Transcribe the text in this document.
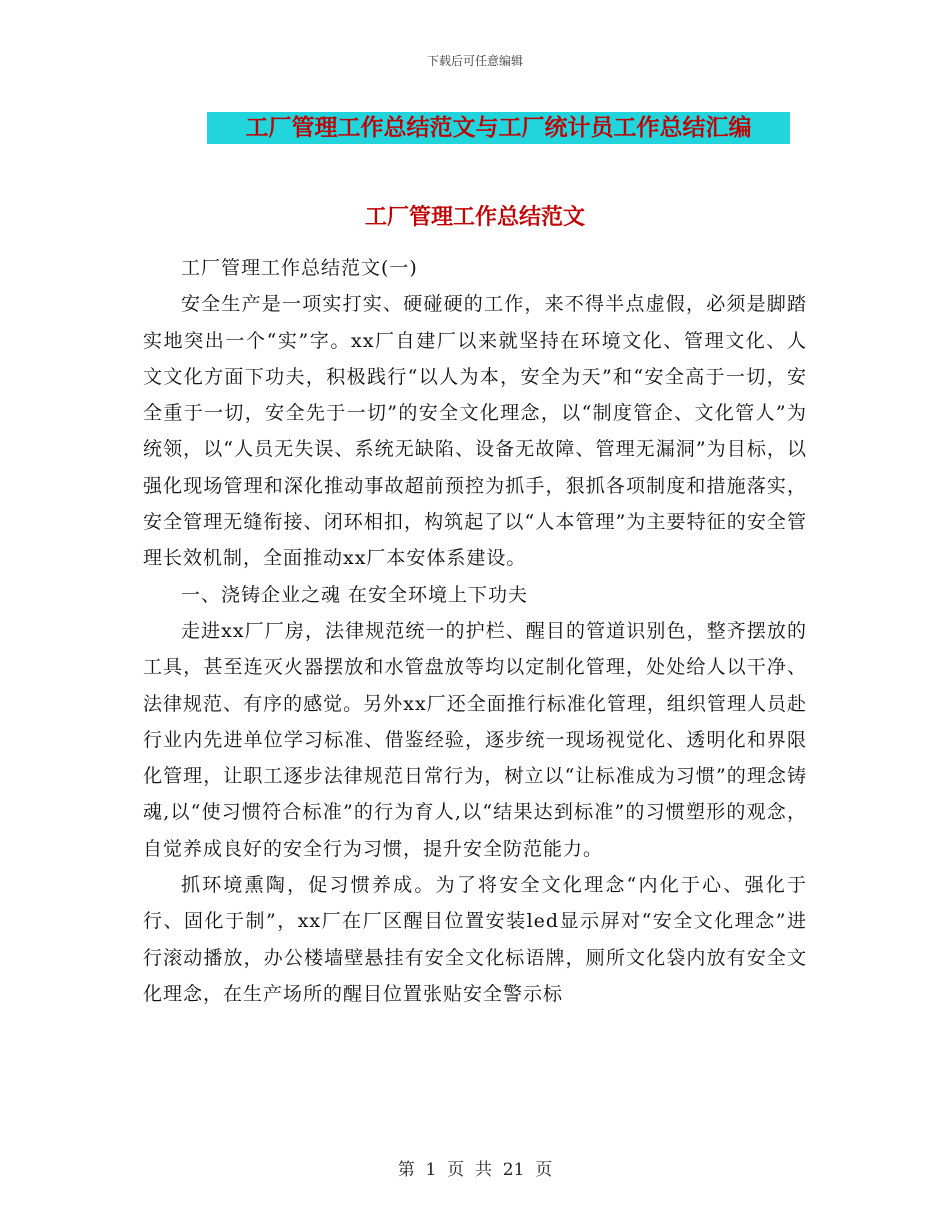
下载后可任意编辑
工厂管理工作总结范文与工厂统计员工作总结汇编
工厂管理工作总结范文

工厂管理工作总结范文(一)

安全生产是一项实打实、硬碰硬的工作，来不得半点虚假，必须是脚踏实地突出一个“实”字。xx厂自建厂以来就坚持在环境文化、管理文化、人文文化方面下功夫，积极践行“以人为本，安全为天”和“安全高于一切，安全重于一切，安全先于一切”的安全文化理念，以“制度管企、文化管人”为统领，以“人员无失误、系统无缺陷、设备无故障、管理无漏洞”为目标，以强化现场管理和深化推动事故超前预控为抓手，狠抓各项制度和措施落实，安全管理无缝衔接、闭环相扣，构筑起了以“人本管理”为主要特征的安全管理长效机制，全面推动xx厂本安体系建设。

一、浇铸企业之魂 在安全环境上下功夫

走进xx厂厂房，法律规范统一的护栏、醒目的管道识别色，整齐摆放的工具，甚至连灭火器摆放和水管盘放等均以定制化管理，处处给人以干净、法律规范、有序的感觉。另外xx厂还全面推行标准化管理，组织管理人员赴行业内先进单位学习标准、借鉴经验，逐步统一现场视觉化、透明化和界限化管理，让职工逐步法律规范日常行为，树立以“让标准成为习惯”的理念铸魂,以“使习惯符合标准”的行为育人,以“结果达到标准”的习惯塑形的观念，自觉养成良好的安全行为习惯，提升安全防范能力。

抓环境熏陶，促习惯养成。为了将安全文化理念“内化于心、强化于行、固化于制”，xx厂在厂区醒目位置安装led显示屏对“安全文化理念”进行滚动播放，办公楼墙壁悬挂有安全文化标语牌，厕所文化袋内放有安全文化理念，在生产场所的醒目位置张贴安全警示标

第  1  页  共  21  页
